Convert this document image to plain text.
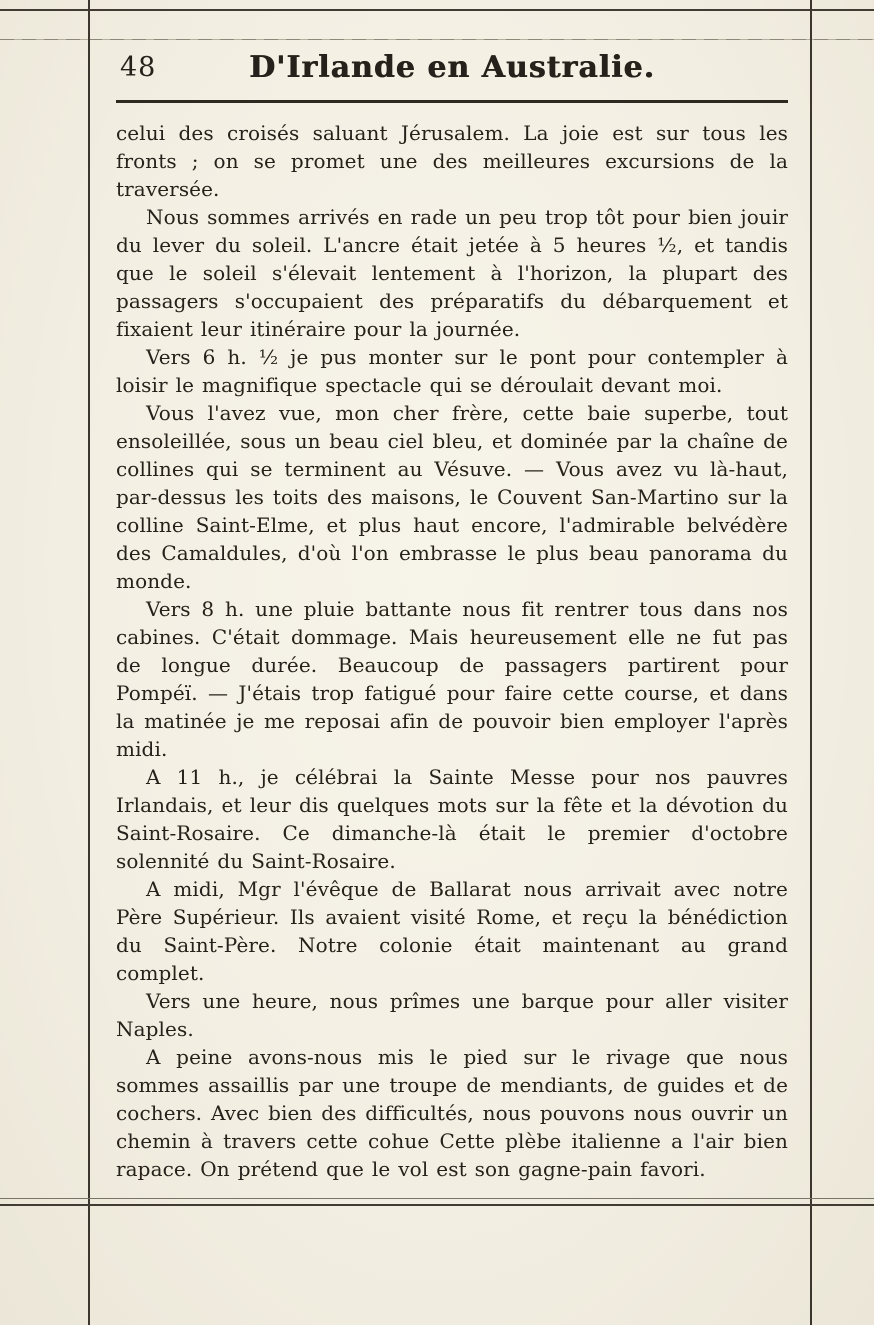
48	D'Irlande en Australie.

celui des croisés saluant Jérusalem. La joie est sur tous les fronts ; on se promet une des meilleures excursions de la traversée.

Nous sommes arrivés en rade un peu trop tôt pour bien jouir du lever du soleil. L'ancre était jetée à 5 heures ½, et tandis que le soleil s'élevait lentement à l'horizon, la plupart des passagers s'occupaient des préparatifs du débarquement et fixaient leur itinéraire pour la journée.

Vers 6 h. ½ je pus monter sur le pont pour contempler à loisir le magnifique spectacle qui se déroulait devant moi.

Vous l'avez vue, mon cher frère, cette baie superbe, tout ensoleillée, sous un beau ciel bleu, et dominée par la chaîne de collines qui se terminent au Vésuve. — Vous avez vu là-haut, par-dessus les toits des maisons, le Couvent San-Martino sur la colline Saint-Elme, et plus haut encore, l'admirable belvédère des Camaldules, d'où l'on embrasse le plus beau panorama du monde.

Vers 8 h. une pluie battante nous fit rentrer tous dans nos cabines. C'était dommage. Mais heureusement elle ne fut pas de longue durée. Beaucoup de passagers partirent pour Pompéï. — J'étais trop fatigué pour faire cette course, et dans la matinée je me reposai afin de pouvoir bien employer l'après midi.

A 11 h., je célébrai la Sainte Messe pour nos pauvres Irlandais, et leur dis quelques mots sur la fête et la dévotion du Saint-Rosaire. Ce dimanche-là était le premier d'octobre solennité du Saint-Rosaire.

A midi, Mgr l'évêque de Ballarat nous arrivait avec notre Père Supérieur. Ils avaient visité Rome, et reçu la bénédiction du Saint-Père. Notre colonie était maintenant au grand complet.

Vers une heure, nous prîmes une barque pour aller visiter Naples.

A peine avons-nous mis le pied sur le rivage que nous sommes assaillis par une troupe de mendiants, de guides et de cochers. Avec bien des difficultés, nous pouvons nous ouvrir un chemin à travers cette cohue Cette plèbe italienne a l'air bien rapace. On prétend que le vol est son gagne-pain favori.
